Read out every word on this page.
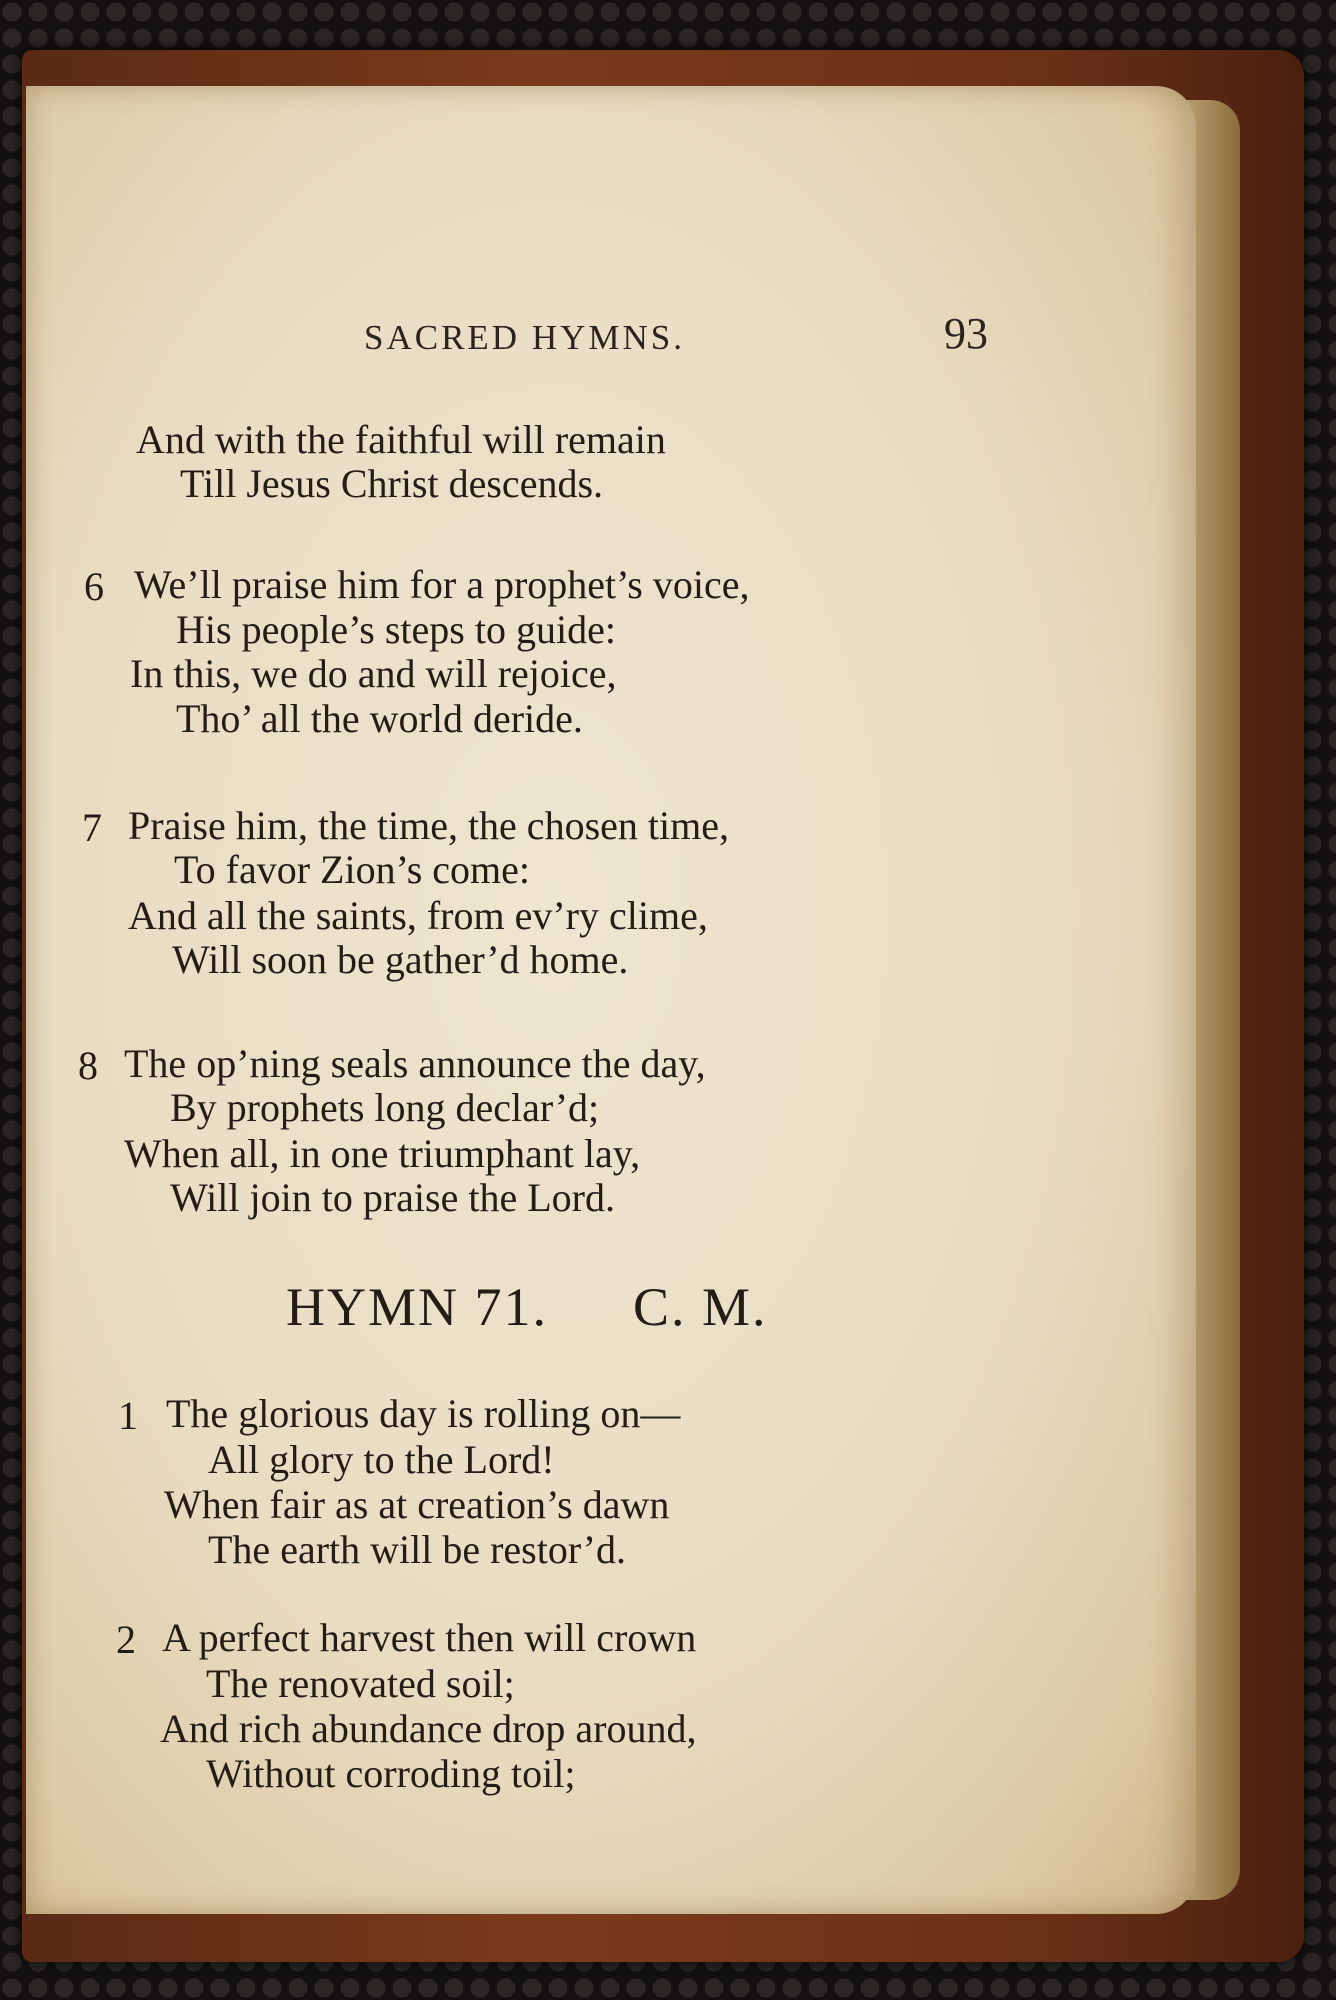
SACRED HYMNS.	93
And with the faithful will remain
Till Jesus Christ descends.
6 We’ll praise him for a prophet’s voice,
His people’s steps to guide:
In this, we do and will rejoice,
Tho’ all the world deride.
7 Praise him, the time, the chosen time,
To favor Zion’s come:
And all the saints, from ev’ry clime,
Will soon be gather’d home.
8 The op’ning seals announce the day,
By prophets long declar’d;
When all, in one triumphant lay,
Will join to praise the Lord.
HYMN 71. C. M.
1 The glorious day is rolling on—
All glory to the Lord!
When fair as at creation’s dawn
The earth will be restor’d.
2 A perfect harvest then will crown
The renovated soil;
And rich abundance drop around,
Without corroding toil;
